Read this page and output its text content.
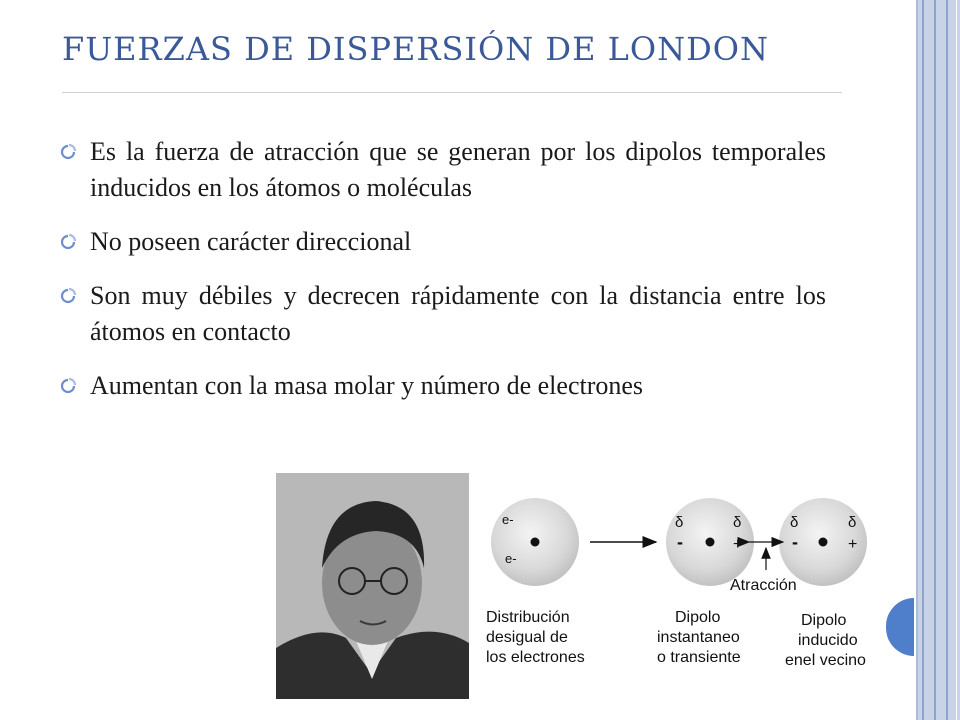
FUERZAS DE DISPERSIÓN DE LONDON
Es la fuerza de atracción que se generan por los dipolos temporales inducidos en los átomos o moléculas
No poseen carácter direccional
Son muy débiles y decrecen rápidamente con la distancia entre los átomos en contacto
Aumentan con la masa molar y número de electrones
e-
e-
δ	δ
-	+
δ	δ
-	+
Atracción
Distribución
desigual de
los electrones
Dipolo
instantaneo
o transiente
Dipolo
inducido
enel vecino
